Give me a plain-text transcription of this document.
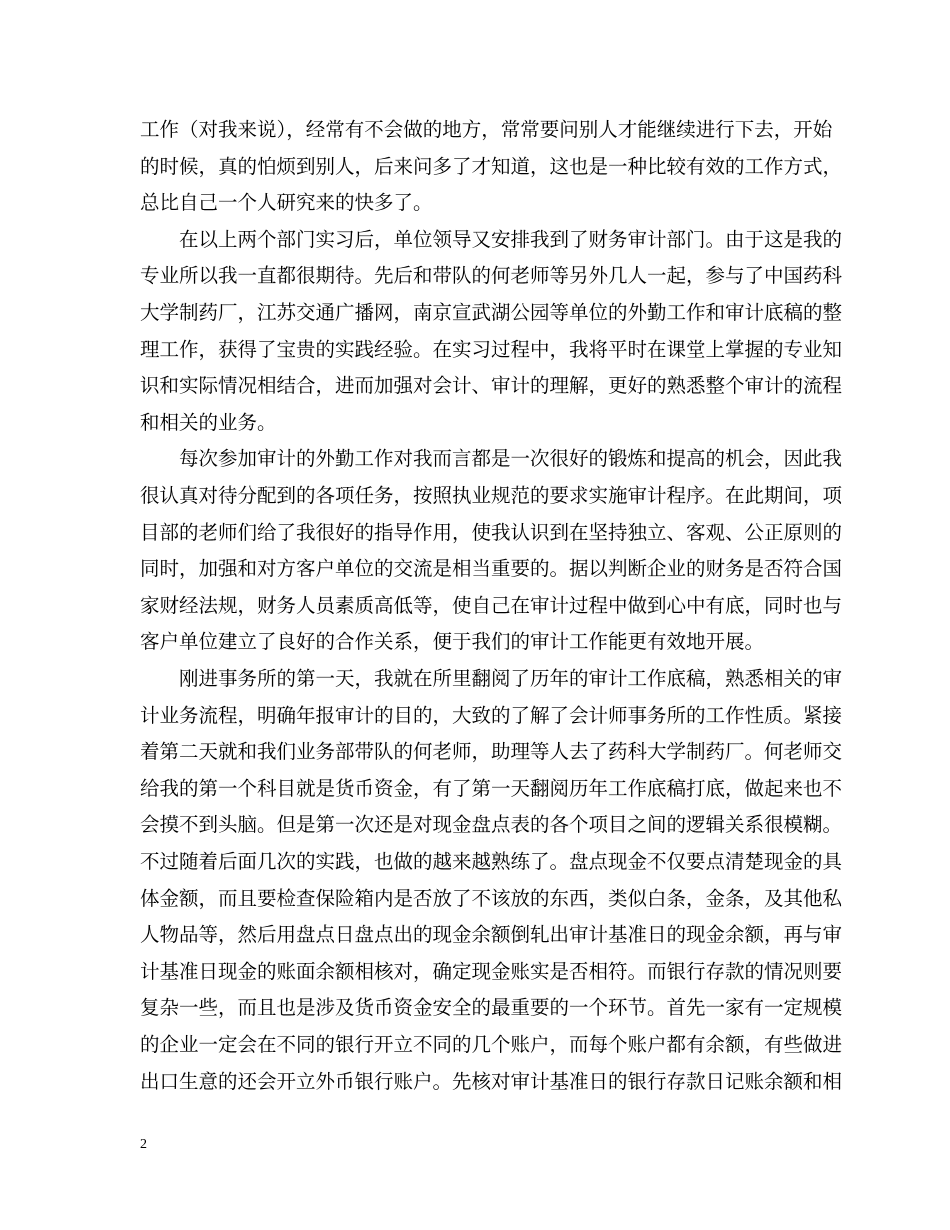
工作（对我来说），经常有不会做的地方，常常要问别人才能继续进行下去，开始
的时候，真的怕烦到别人，后来问多了才知道，这也是一种比较有效的工作方式，
总比自己一个人研究来的快多了。
在以上两个部门实习后，单位领导又安排我到了财务审计部门。由于这是我的
专业所以我一直都很期待。先后和带队的何老师等另外几人一起，参与了中国药科
大学制药厂，江苏交通广播网，南京宣武湖公园等单位的外勤工作和审计底稿的整
理工作，获得了宝贵的实践经验。在实习过程中，我将平时在课堂上掌握的专业知
识和实际情况相结合，进而加强对会计、审计的理解，更好的熟悉整个审计的流程
和相关的业务。
每次参加审计的外勤工作对我而言都是一次很好的锻炼和提高的机会，因此我
很认真对待分配到的各项任务，按照执业规范的要求实施审计程序。在此期间，项
目部的老师们给了我很好的指导作用，使我认识到在坚持独立、客观、公正原则的
同时，加强和对方客户单位的交流是相当重要的。据以判断企业的财务是否符合国
家财经法规，财务人员素质高低等，使自己在审计过程中做到心中有底，同时也与
客户单位建立了良好的合作关系，便于我们的审计工作能更有效地开展。
刚进事务所的第一天，我就在所里翻阅了历年的审计工作底稿，熟悉相关的审
计业务流程，明确年报审计的目的，大致的了解了会计师事务所的工作性质。紧接
着第二天就和我们业务部带队的何老师，助理等人去了药科大学制药厂。何老师交
给我的第一个科目就是货币资金，有了第一天翻阅历年工作底稿打底，做起来也不
会摸不到头脑。但是第一次还是对现金盘点表的各个项目之间的逻辑关系很模糊。
不过随着后面几次的实践，也做的越来越熟练了。盘点现金不仅要点清楚现金的具
体金额，而且要检查保险箱内是否放了不该放的东西，类似白条，金条，及其他私
人物品等，然后用盘点日盘点出的现金余额倒轧出审计基准日的现金余额，再与审
计基准日现金的账面余额相核对，确定现金账实是否相符。而银行存款的情况则要
复杂一些，而且也是涉及货币资金安全的最重要的一个环节。首先一家有一定规模
的企业一定会在不同的银行开立不同的几个账户，而每个账户都有余额，有些做进
出口生意的还会开立外币银行账户。先核对审计基准日的银行存款日记账余额和相
2
